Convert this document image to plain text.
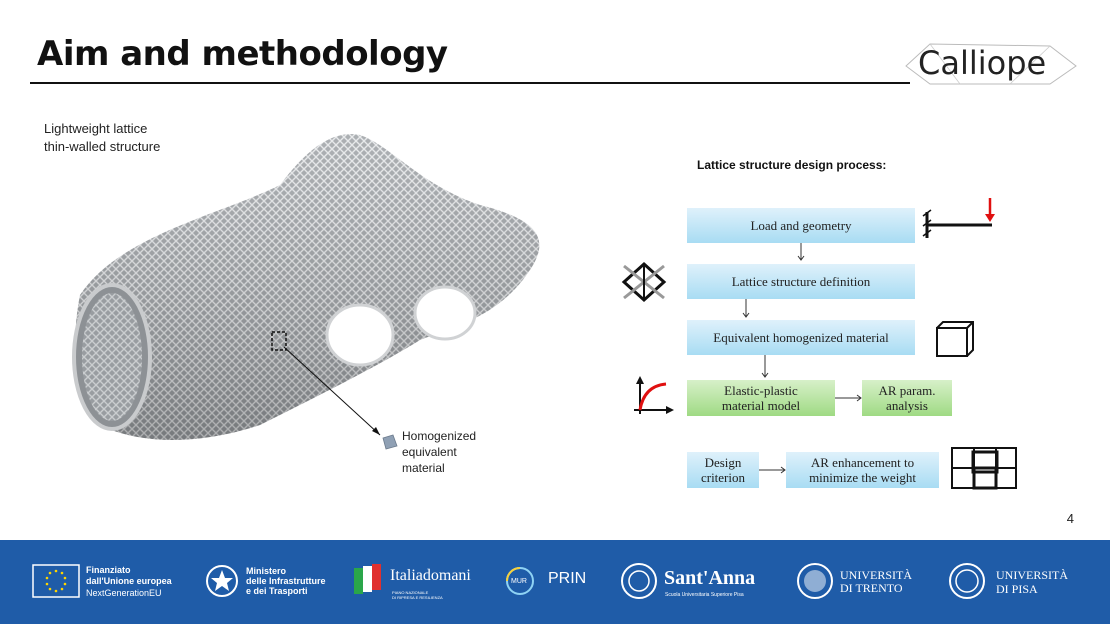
Aim and methodology	Calliope
Lightweight lattice
thin-walled structure
Homogenized
equivalent
material
Lattice structure design process:
Load and geometry
Lattice structure definition
Equivalent homogenized material
Elastic-plastic
material model
AR param.
analysis
Design
criterion
AR enhancement to
minimize the weight
4
Finanziato
dall'Unione europea
NextGenerationEU
Ministero
delle Infrastrutture
e dei Trasporti
Italiadomani
PIANO NAZIONALE
DI RIPRESA E RESILIENZA
MUR PRIN	Sant'Anna
Scuola Universitaria Superiore Pisa
UNIVERSITÀ
DI TRENTO
UNIVERSITÀ
DI PISA
